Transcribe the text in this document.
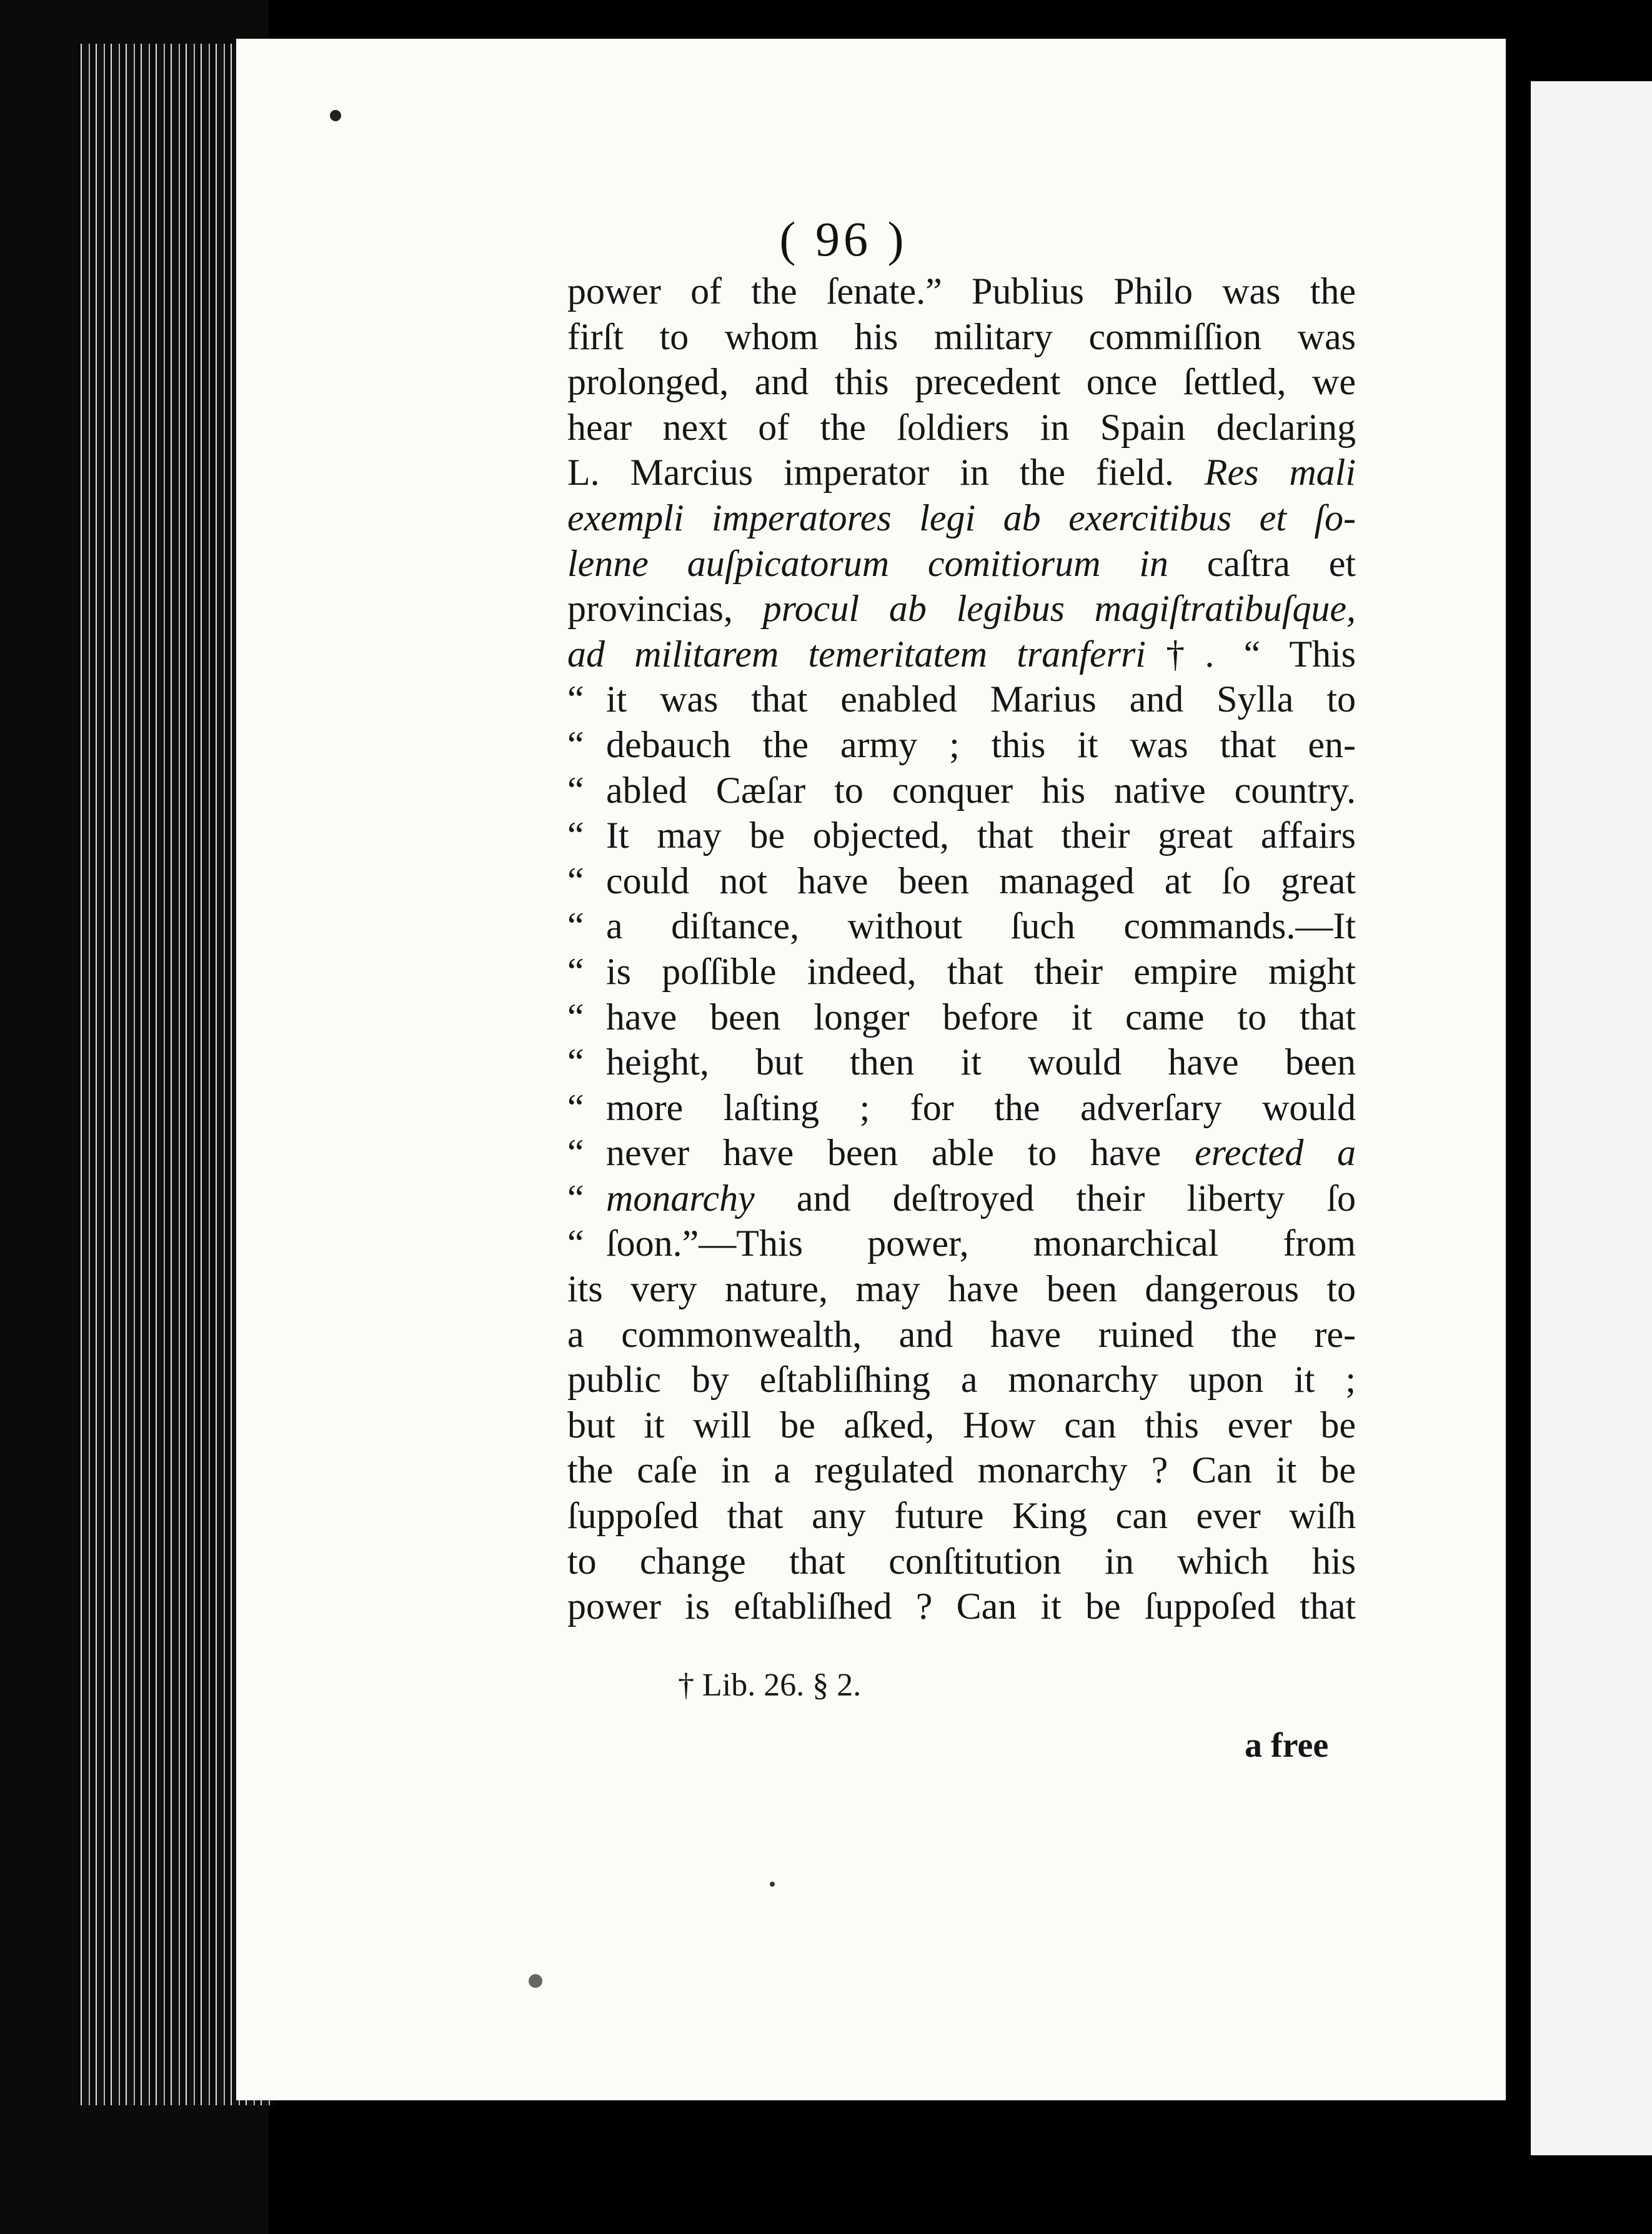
( 96 )
power of the ſenate.” Publius Philo was the
firſt to whom his military commiſſion was
prolonged, and this precedent once ſettled, we
hear next of the ſoldiers in Spain declaring
L. Marcius imperator in the field. Res mali
exempli imperatores legi ab exercitibus et ſo-
lenne auſpicatorum comitiorum in caſtra et
provincias, procul ab legibus magiſtratibuſque,
ad militarem temeritatem tranferri†. “ This
“ it was that enabled Marius and Sylla to
“ debauch the army ; this it was that en-
“ abled Cæſar to conquer his native country.
“ It may be objected, that their great affairs
“ could not have been managed at ſo great
“ a diſtance, without ſuch commands.—It
“ is poſſible indeed, that their empire might
“ have been longer before it came to that
“ height, but then it would have been
“ more laſting ; for the adverſary would
“ never have been able to have erected a
“ monarchy and deſtroyed their liberty ſo
“ ſoon.”—This power, monarchical from
its very nature, may have been dangerous to
a commonwealth, and have ruined the re-
public by eſtabliſhing a monarchy upon it ;
but it will be aſked, How can this ever be
the caſe in a regulated monarchy ? Can it be
ſuppoſed that any future King can ever wiſh
to change that conſtitution in which his
power is eſtabliſhed ? Can it be ſuppoſed that
† Lib. 26. § 2.
a free
